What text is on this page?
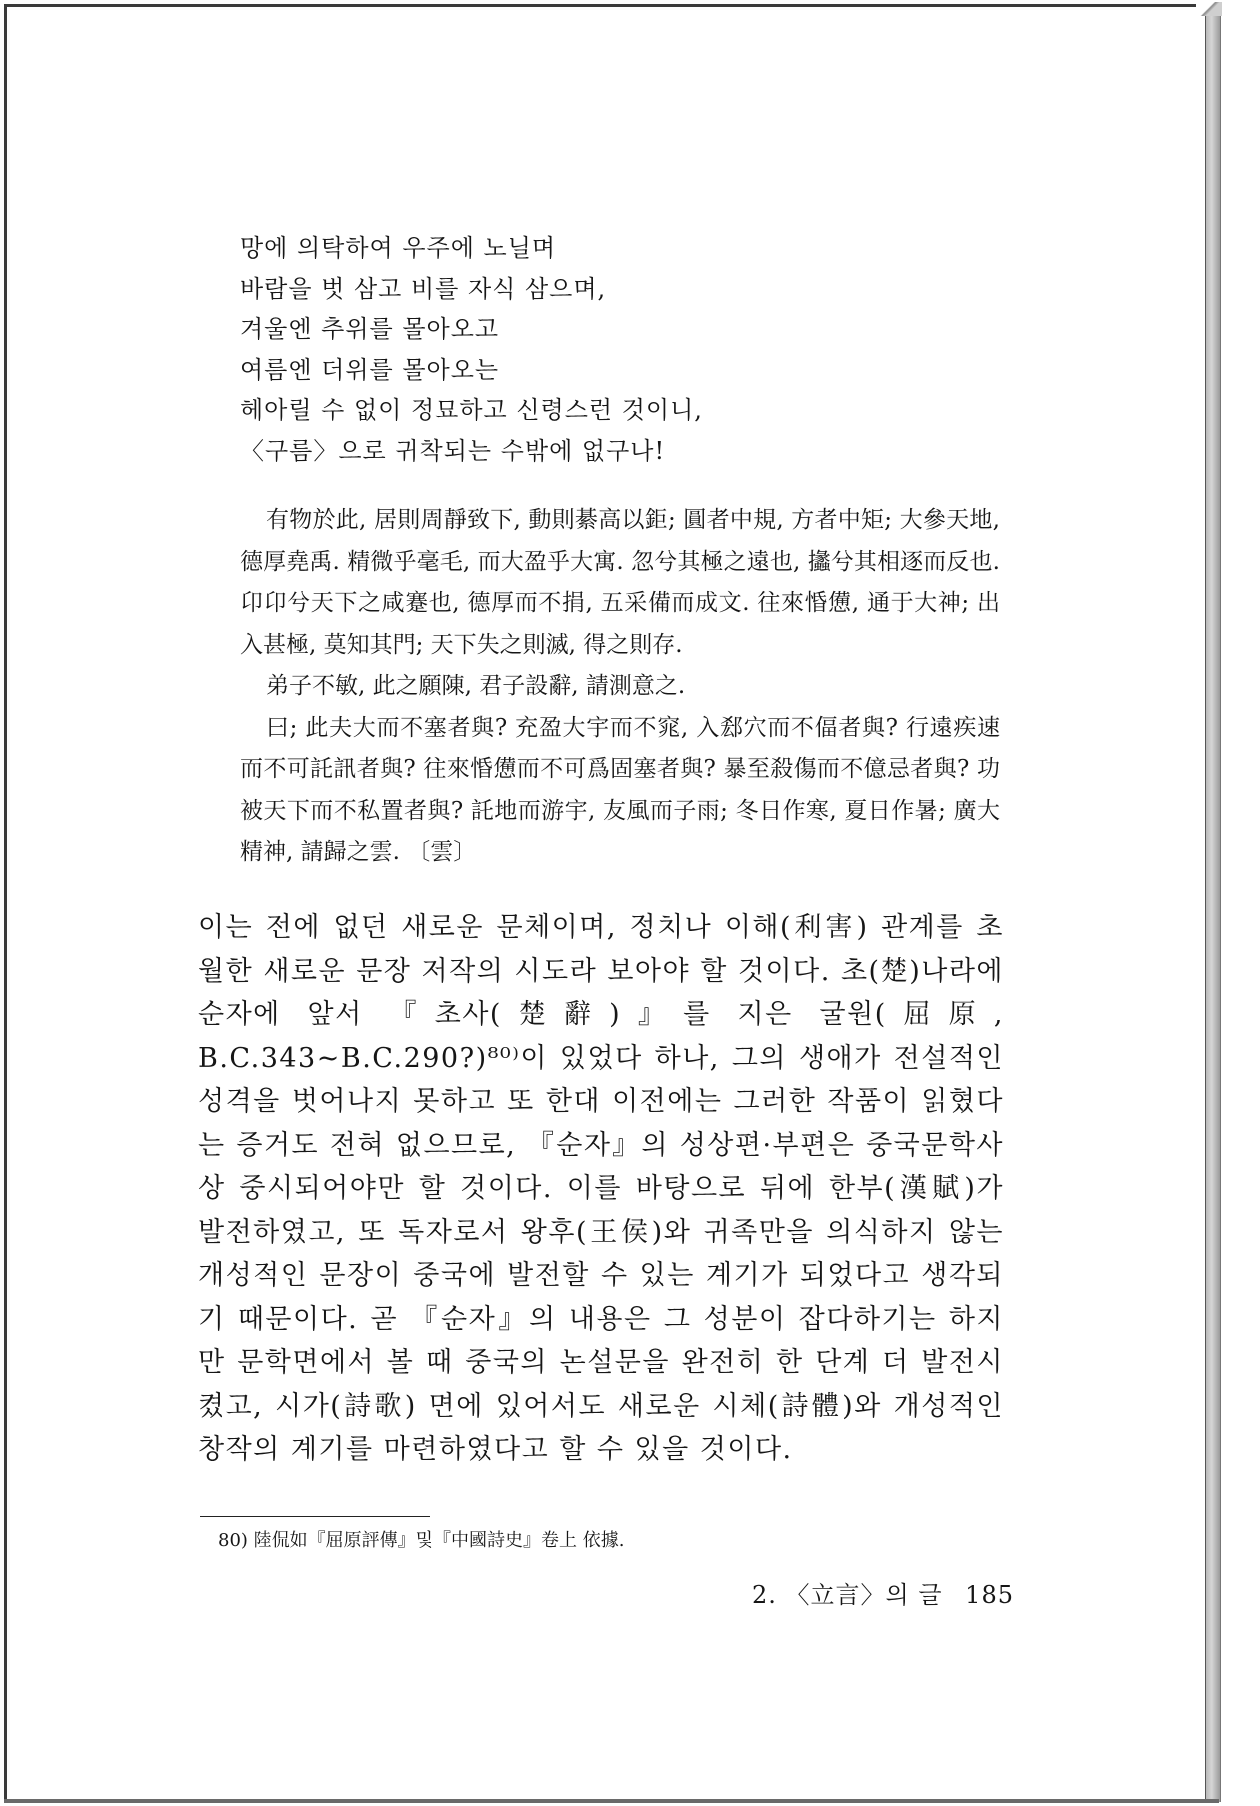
망에 의탁하여 우주에 노닐며
바람을 벗 삼고 비를 자식 삼으며,
겨울엔 추위를 몰아오고
여름엔 더위를 몰아오는
헤아릴 수 없이 정묘하고 신령스런 것이니,
〈구름〉으로 귀착되는 수밖에 없구나!

有物於此, 居則周靜致下, 動則綦高以鉅; 圓者中規, 方者中矩; 大參天地, 德厚堯禹. 精微乎毫毛, 而大盈乎大寓. 忽兮其極之遠也, 攭兮其相逐而反也. 卬卬兮天下之咸蹇也, 德厚而不捐, 五采備而成文. 往來惛憊, 通于大神; 出入甚極, 莫知其門; 天下失之則滅, 得之則存.

弟子不敏, 此之願陳, 君子設辭, 請測意之.

曰; 此夫大而不塞者與? 充盈大宇而不窕, 入郄穴而不偪者與? 行遠疾速而不可託訊者與? 往來惛憊而不可爲固塞者與? 暴至殺傷而不億忌者與? 功被天下而不私置者與? 託地而游宇, 友風而子雨; 冬日作寒, 夏日作暑; 廣大精神, 請歸之雲. 〔雲〕

이는 전에 없던 새로운 문체이며, 정치나 이해(利害) 관계를 초월한 새로운 문장 저작의 시도라 보아야 할 것이다. 초(楚)나라에 순자에 앞서 『초사(楚辭)』를 지은 굴원(屈原, B.C.343~B.C.290?)⁸⁰⁾이 있었다 하나, 그의 생애가 전설적인 성격을 벗어나지 못하고 또 한대 이전에는 그러한 작품이 읽혔다는 증거도 전혀 없으므로, 『순자』의 성상편·부편은 중국문학사상 중시되어야만 할 것이다. 이를 바탕으로 뒤에 한부(漢賦)가 발전하였고, 또 독자로서 왕후(王侯)와 귀족만을 의식하지 않는 개성적인 문장이 중국에 발전할 수 있는 계기가 되었다고 생각되기 때문이다. 곧 『순자』의 내용은 그 성분이 잡다하기는 하지만 문학면에서 볼 때 중국의 논설문을 완전히 한 단계 더 발전시켰고, 시가(詩歌) 면에 있어서도 새로운 시체(詩體)와 개성적인 창작의 계기를 마련하였다고 할 수 있을 것이다.

80) 陸侃如『屈原評傳』및『中國詩史』卷上 依據.
2. 〈立言〉의 글 185
